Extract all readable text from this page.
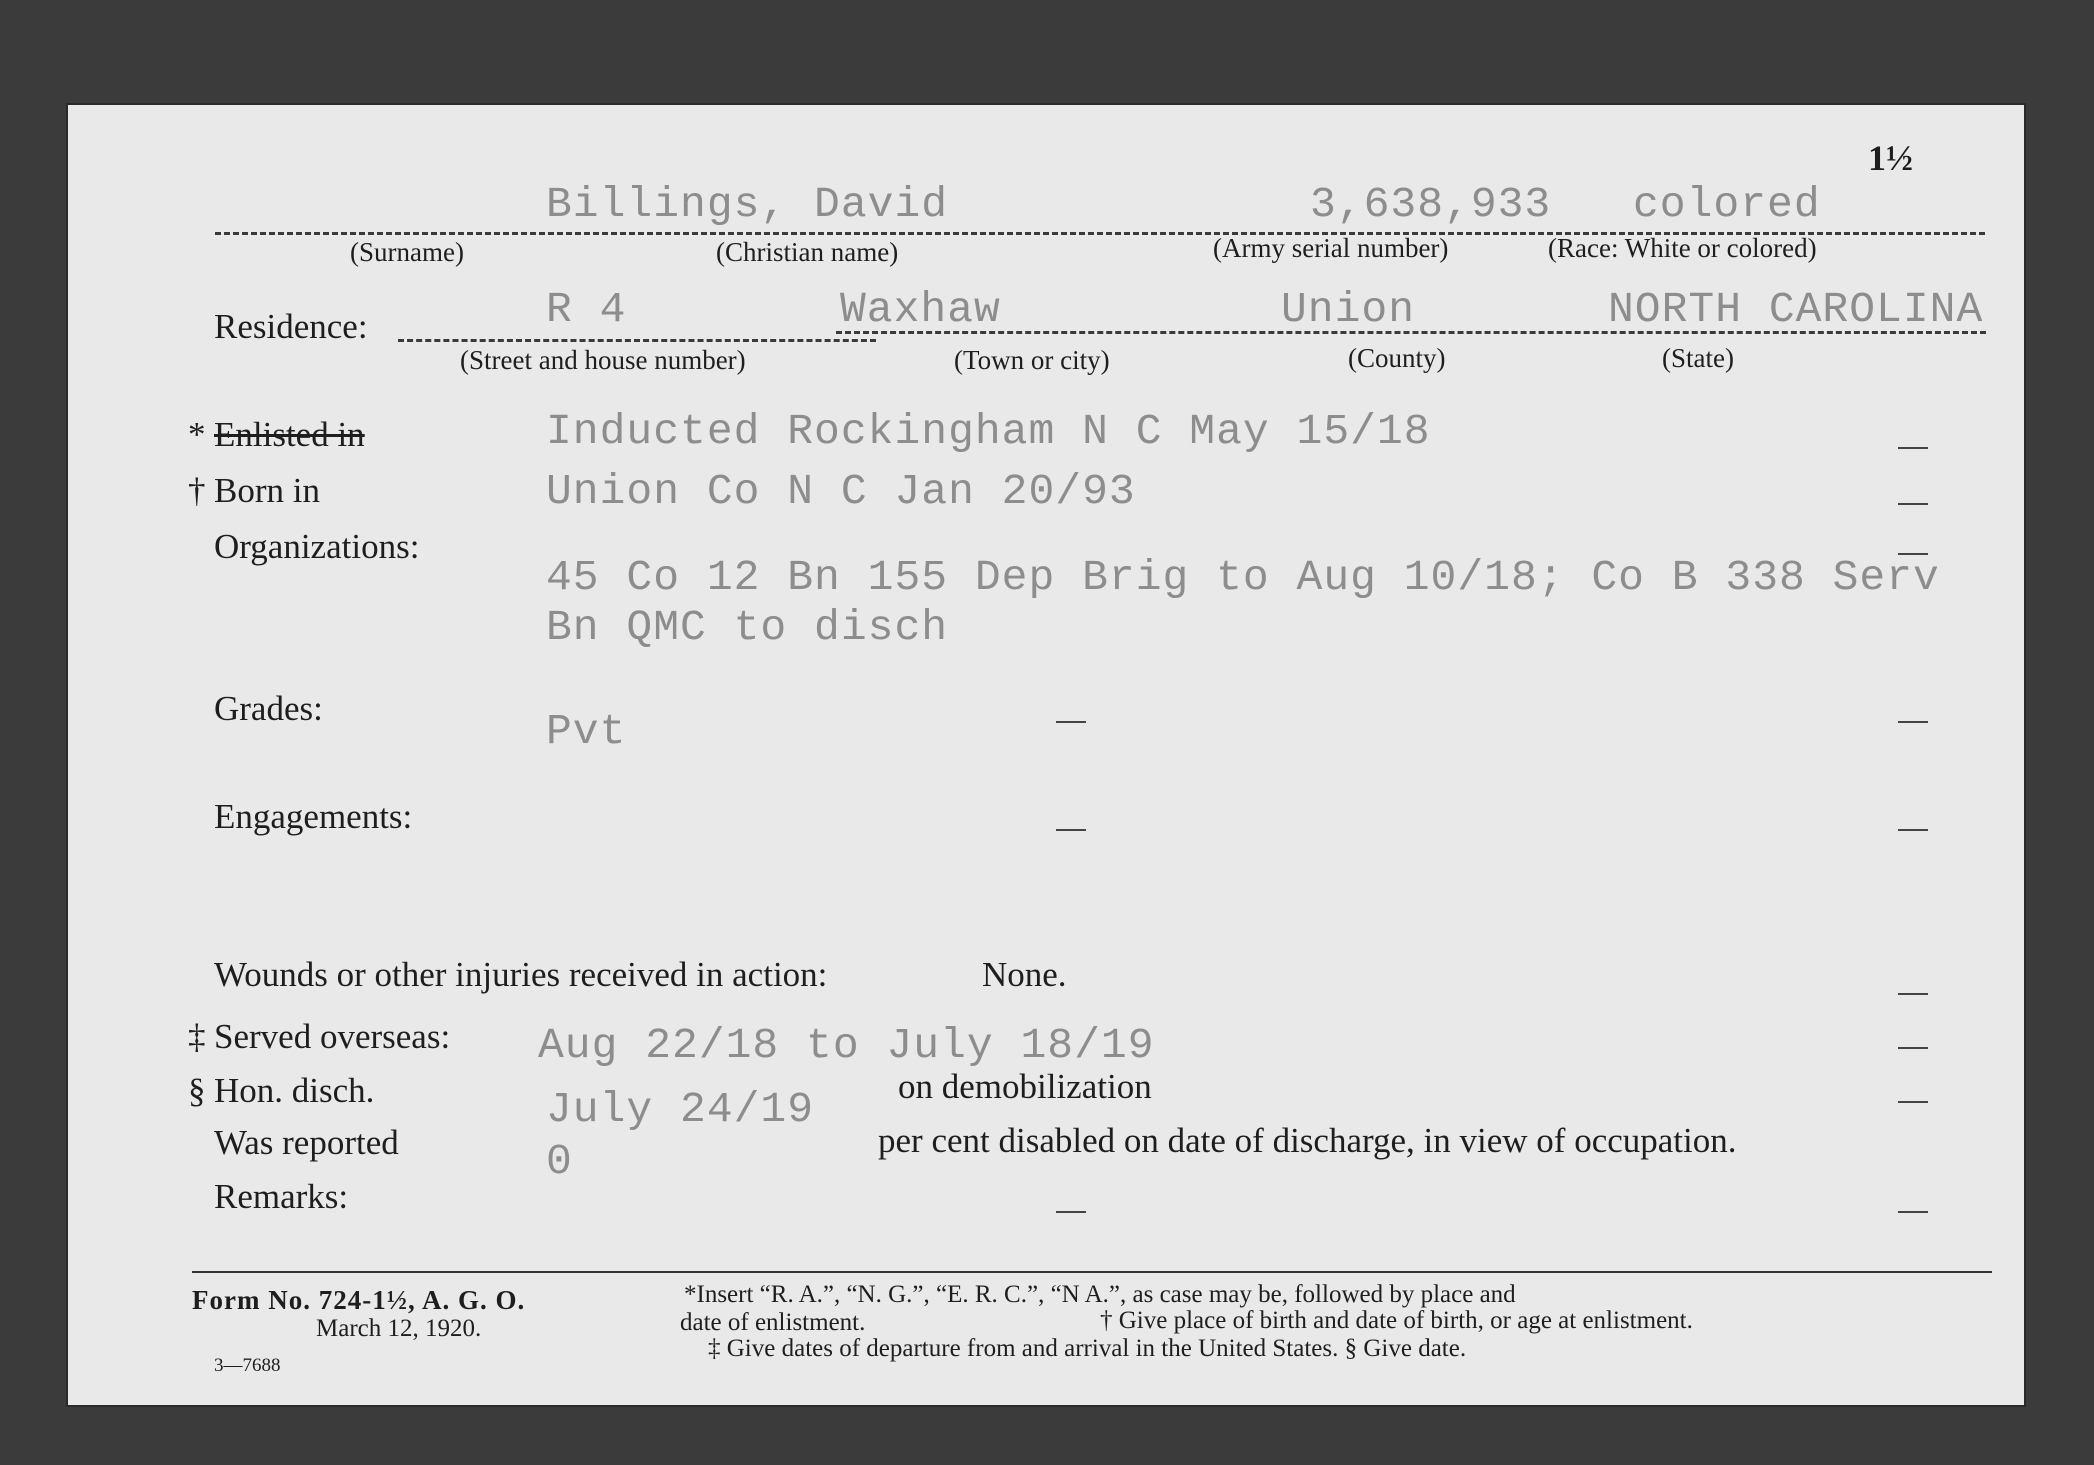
1½
Billings, David	3,638,933 colored
(Surname)	(Christian name)	(Army serial number)	(Race: White or colored)
Residence:	R 4	Waxhaw	Union	NORTH CAROLINA
(Street and house number)	(Town or city)	(County)	(State)
* Enlisted in	Inducted Rockingham N C May 15/18
† Born in	Union Co N C Jan 20/93
Organizations:
45 Co 12 Bn 155 Dep Brig to Aug 10/18; Co B 338 Serv
Bn QMC to disch
Grades:	Pvt
Engagements:
Wounds or other injuries received in action:	None.
‡ Served overseas: Aug 22/18 to July 18/19
§ Hon. disch.	July 24/19 on demobilization
Was reported	0	per cent disabled on date of discharge, in view of occupation.
Remarks:
Form No. 724-1½, A. G. O.
March 12, 1920.
3—7688
*Insert “R. A.”, “N. G.”, “E. R. C.”, “N A.”, as case may be, followed by place and
date of enlistment.	† Give place of birth and date of birth, or age at enlistment.
‡ Give dates of departure from and arrival in the United States. § Give date.
